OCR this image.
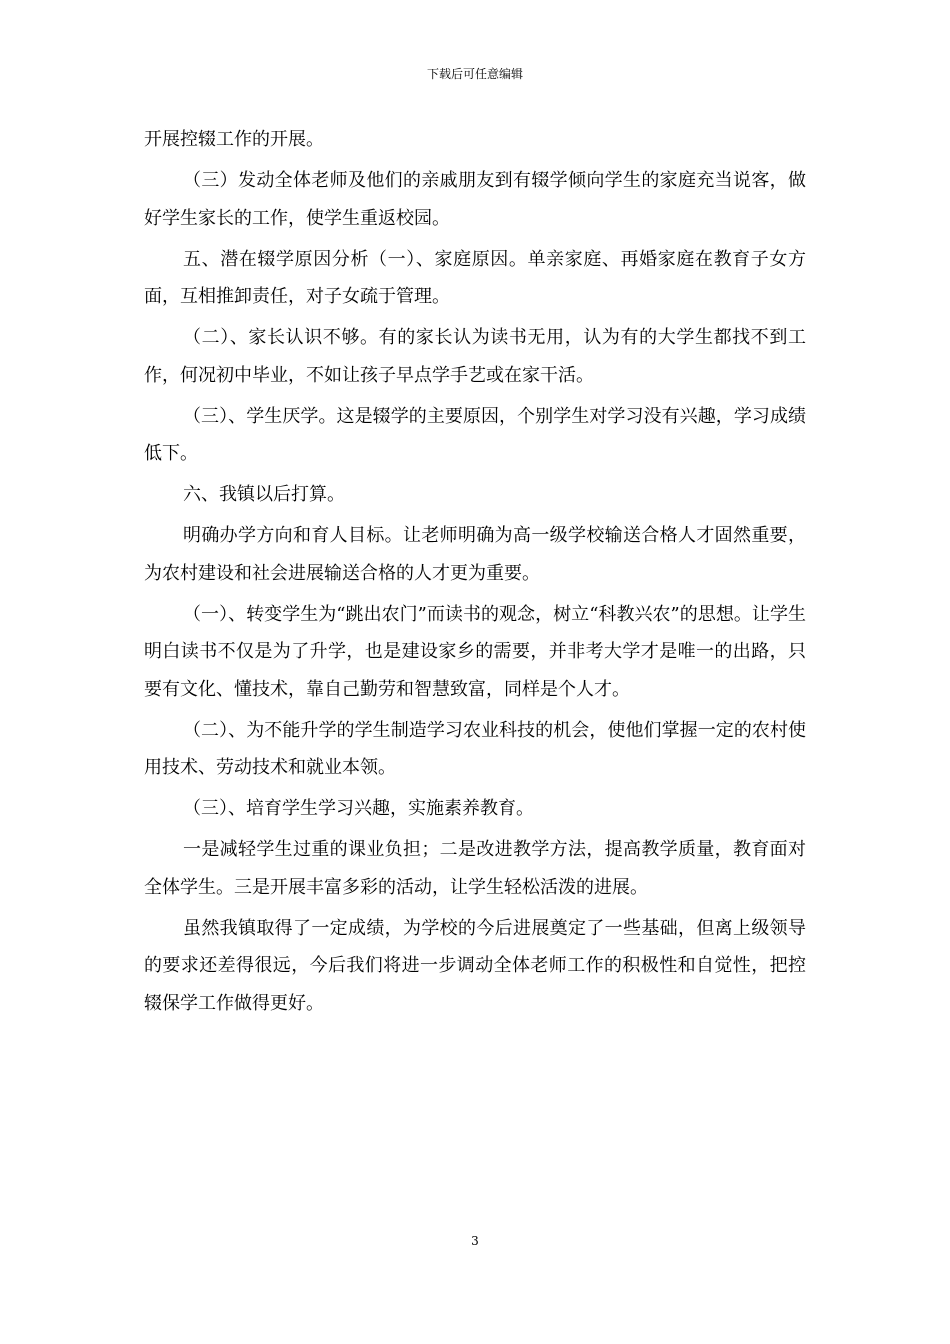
下载后可任意编辑

开展控辍工作的开展。

（三）发动全体老师及他们的亲戚朋友到有辍学倾向学生的家庭充当说客，做好学生家长的工作，使学生重返校园。

五、潜在辍学原因分析（一）、家庭原因。单亲家庭、再婚家庭在教育子女方面，互相推卸责任，对子女疏于管理。

（二）、家长认识不够。有的家长认为读书无用，认为有的大学生都找不到工作，何况初中毕业，不如让孩子早点学手艺或在家干活。

（三）、学生厌学。这是辍学的主要原因，个别学生对学习没有兴趣，学习成绩低下。

六、我镇以后打算。

明确办学方向和育人目标。让老师明确为高一级学校输送合格人才固然重要，为农村建设和社会进展输送合格的人才更为重要。

（一）、转变学生为“跳出农门”而读书的观念，树立“科教兴农”的思想。让学生明白读书不仅是为了升学，也是建设家乡的需要，并非考大学才是唯一的出路，只要有文化、懂技术，靠自己勤劳和智慧致富，同样是个人才。

（二）、为不能升学的学生制造学习农业科技的机会，使他们掌握一定的农村使用技术、劳动技术和就业本领。

（三）、培育学生学习兴趣，实施素养教育。

一是减轻学生过重的课业负担；二是改进教学方法，提高教学质量，教育面对全体学生。三是开展丰富多彩的活动，让学生轻松活泼的进展。

虽然我镇取得了一定成绩，为学校的今后进展奠定了一些基础，但离上级领导的要求还差得很远，今后我们将进一步调动全体老师工作的积极性和自觉性，把控辍保学工作做得更好。

3
